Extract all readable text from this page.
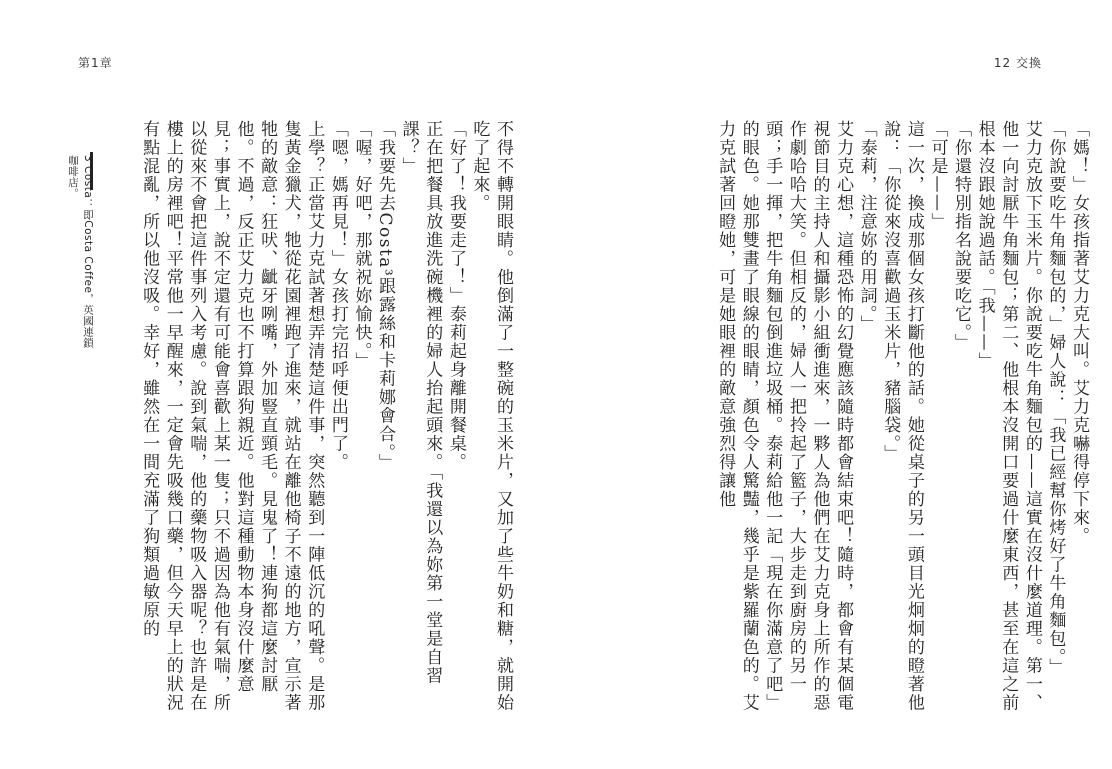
第1章

不得不轉開眼睛。他倒滿了一整碗的玉米片，又加了些牛奶和糖，就開始吃了起來。

「好了！我要走了！」泰莉起身離開餐桌。

正在把餐具放進洗碗機裡的婦人抬起頭來。「我還以為妳第一堂是自習課？」

「我要先去Costa³跟露絲和卡莉娜會合。」

「喔，好吧，那就祝妳愉快。」

「嗯，媽再見！」女孩打完招呼便出門了。

上學？正當艾力克試著想弄清楚這件事，突然聽到一陣低沉的吼聲。是那隻黃金獵犬，牠從花園裡跑了進來，就站在離他椅子不遠的地方，宣示著牠的敵意：狂吠、齜牙咧嘴，外加豎直頸毛。見鬼了！連狗都這麼討厭他。不過，反正艾力克也不打算跟狗親近。他對這種動物本身沒什麼意見；事實上，說不定還有可能會喜歡上某一隻；只不過因為他有氣喘，所以從來不會把這件事列入考慮。說到氣喘，他的藥物吸入器呢？也許是在樓上的房裡吧！平常他一早醒來，一定會先吸幾口藥，但今天早上的狀況有點混亂，所以他沒吸。幸好，雖然在一間充滿了狗類過敏原的

3 Costa：即Costa Coffee，英國連鎖咖啡店。
12 交換

「媽！」女孩指著艾力克大叫。艾力克嚇得停下來。

「你說要吃牛角麵包的，」婦人說：「我已經幫你烤好了牛角麵包。」

艾力克放下玉米片。你說要吃牛角麵包的——這實在沒什麼道理。第一、他一向討厭牛角麵包；第二、他根本沒開口要過什麼東西，甚至在這之前根本沒跟她說過話。「我——」

「你還特別指名說要吃它。」

「可是——」

這一次，換成那個女孩打斷他的話。她從桌子的另一頭目光炯炯的瞪著他說：「你從來沒喜歡過玉米片，豬腦袋。」

「泰莉，注意妳的用詞。」

艾力克心想，這種恐怖的幻覺應該隨時都會結束吧！隨時，都會有某個電視節目的主持人和攝影小組衝進來，一夥人為他們在艾力克身上所作的惡作劇哈哈大笑。但相反的，婦人一把拎起了籃子，大步走到廚房的另一頭；手一揮，把牛角麵包倒進垃圾桶。泰莉給他一記「現在你滿意了吧」的眼色。她那雙畫了眼線的眼睛，顏色令人驚豔，幾乎是紫羅蘭色的。艾力克試著回瞪她，可是她眼裡的敵意強烈得讓他
